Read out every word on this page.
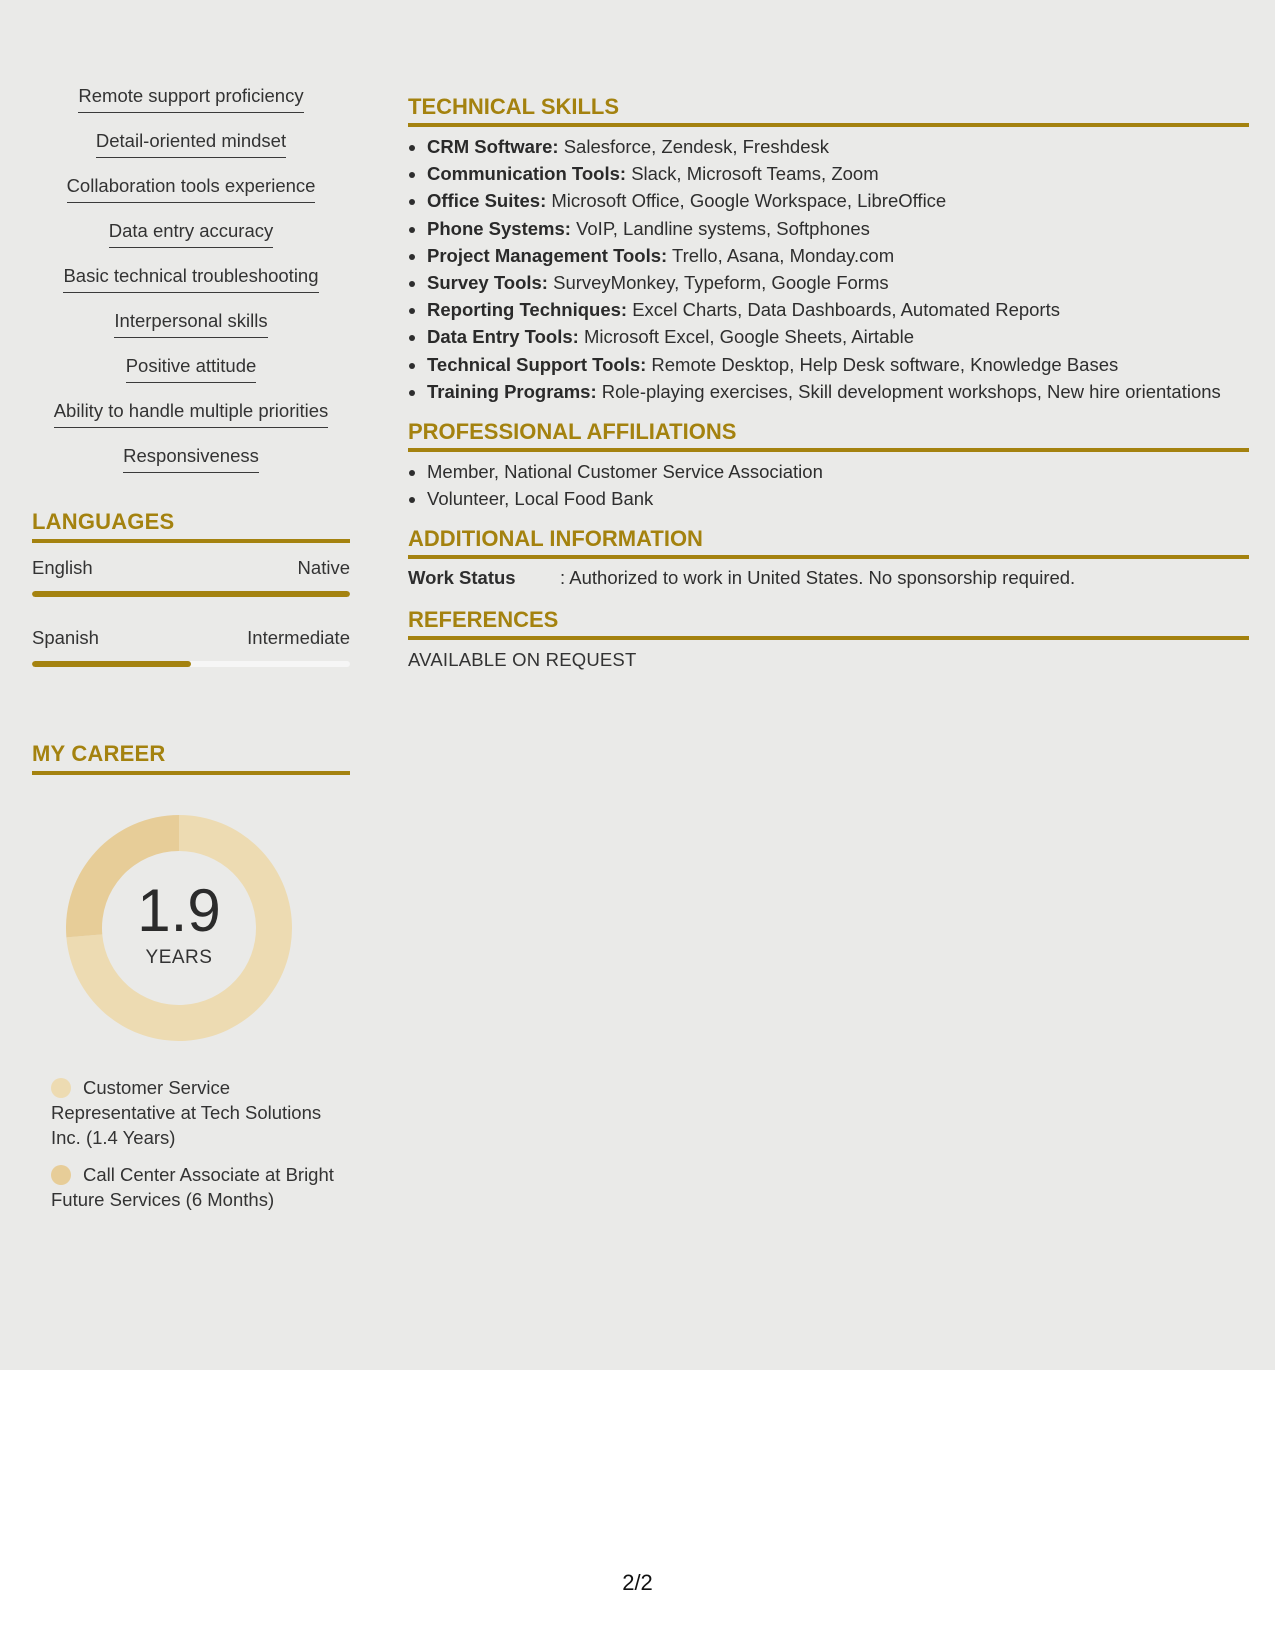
Remote support proficiency
Detail-oriented mindset
Collaboration tools experience
Data entry accuracy
Basic technical troubleshooting
Interpersonal skills
Positive attitude
Ability to handle multiple priorities
Responsiveness
LANGUAGES
English	Native
Spanish	Intermediate
MY CAREER
1.9
YEARS
Customer Service Representative at Tech Solutions Inc. (1.4 Years)
Call Center Associate at Bright Future Services (6 Months)
TECHNICAL SKILLS
• CRM Software: Salesforce, Zendesk, Freshdesk
• Communication Tools: Slack, Microsoft Teams, Zoom
• Office Suites: Microsoft Office, Google Workspace, LibreOffice
• Phone Systems: VoIP, Landline systems, Softphones
• Project Management Tools: Trello, Asana, Monday.com
• Survey Tools: SurveyMonkey, Typeform, Google Forms
• Reporting Techniques: Excel Charts, Data Dashboards, Automated Reports
• Data Entry Tools: Microsoft Excel, Google Sheets, Airtable
• Technical Support Tools: Remote Desktop, Help Desk software, Knowledge Bases
• Training Programs: Role-playing exercises, Skill development workshops, New hire orientations
PROFESSIONAL AFFILIATIONS
• Member, National Customer Service Association
• Volunteer, Local Food Bank
ADDITIONAL INFORMATION
Work Status	: Authorized to work in United States. No sponsorship required.
REFERENCES
AVAILABLE ON REQUEST
2/2
